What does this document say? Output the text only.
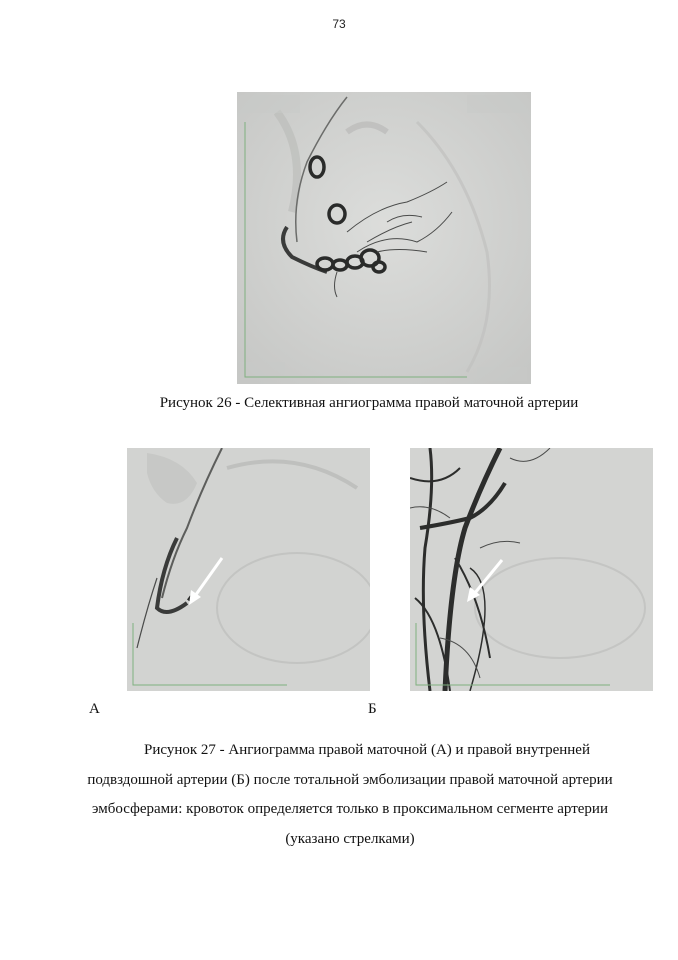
73
Рисунок 26 - Селективная ангиограмма правой маточной артерии
А	Б
Рисунок 27 - Ангиограмма правой маточной (А) и правой внутренней подвздошной артерии (Б) после тотальной эмболизации правой маточной артерии эмбосферами: кровоток определяется только в проксимальном сегменте артерии (указано стрелками)
